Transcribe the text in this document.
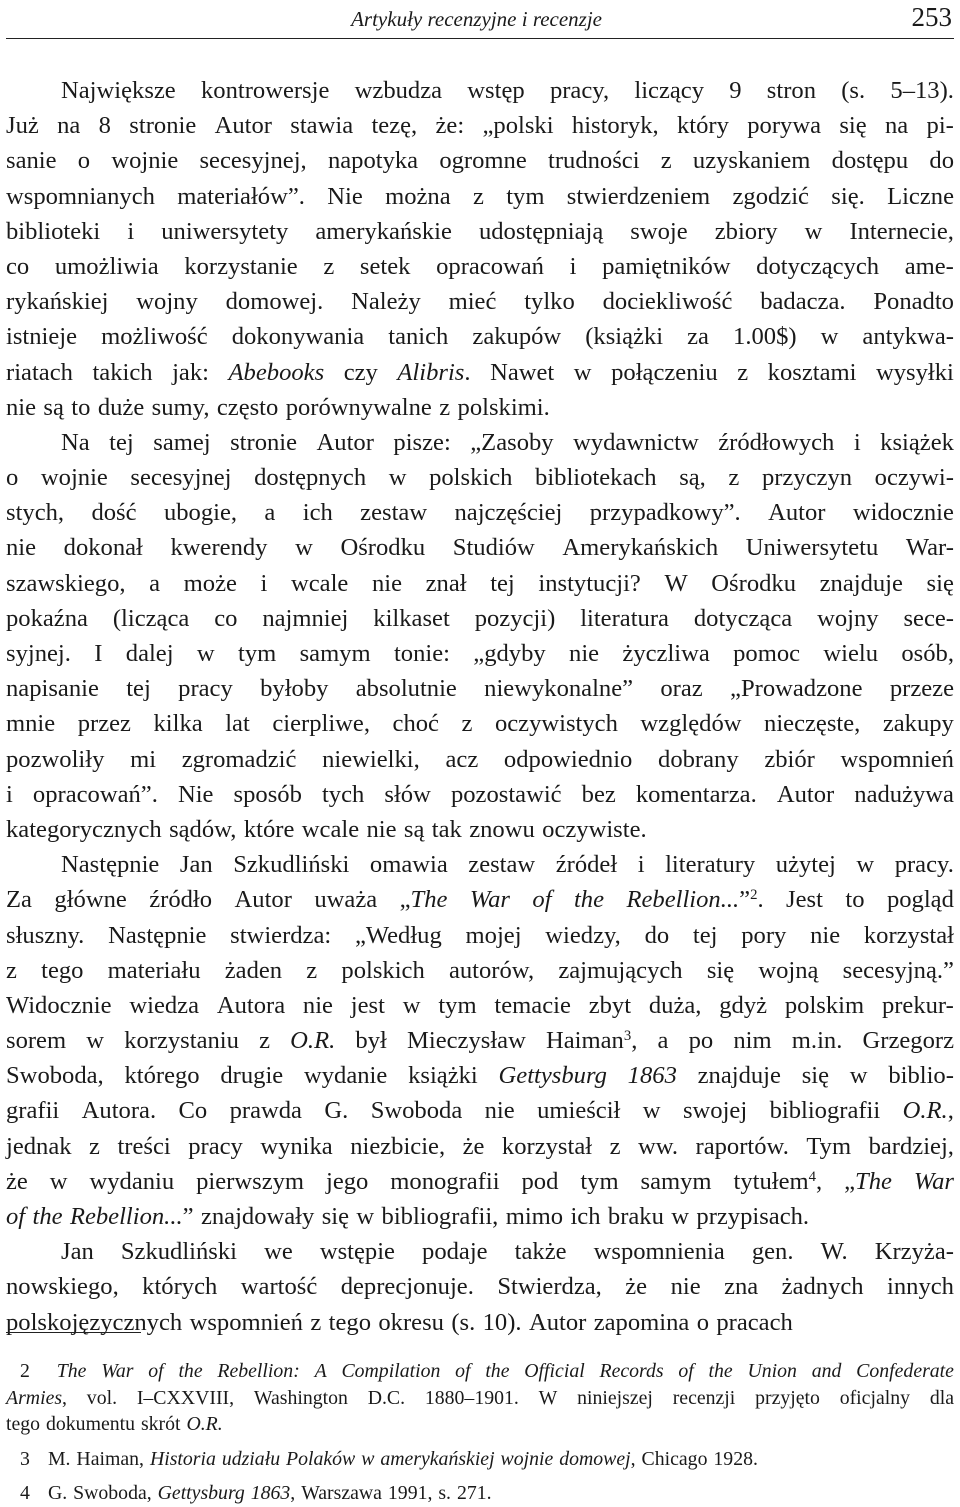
Artykuły recenzyjne i recenzje	253
Największe kontrowersje wzbudza wstęp pracy, liczący 9 stron (s. 5–13).
Już na 8 stronie Autor stawia tezę, że: „polski historyk, który porywa się na pi-
sanie o wojnie secesyjnej, napotyka ogromne trudności z uzyskaniem dostępu do
wspomnianych materiałów”. Nie można z tym stwierdzeniem zgodzić się. Liczne
biblioteki i uniwersytety amerykańskie udostępniają swoje zbiory w Internecie,
co umożliwia korzystanie z setek opracowań i pamiętników dotyczących ame-
rykańskiej wojny domowej. Należy mieć tylko dociekliwość badacza. Ponadto
istnieje możliwość dokonywania tanich zakupów (książki za 1.00$) w antykwa-
riatach takich jak: Abebooks czy Alibris. Nawet w połączeniu z kosztami wysyłki
nie są to duże sumy, często porównywalne z polskimi.
Na tej samej stronie Autor pisze: „Zasoby wydawnictw źródłowych i książek
o wojnie secesyjnej dostępnych w polskich bibliotekach są, z przyczyn oczywi-
stych, dość ubogie, a ich zestaw najczęściej przypadkowy”. Autor widocznie
nie dokonał kwerendy w Ośrodku Studiów Amerykańskich Uniwersytetu War-
szawskiego, a może i wcale nie znał tej instytucji? W Ośrodku znajduje się
pokaźna (licząca co najmniej kilkaset pozycji) literatura dotycząca wojny sece-
syjnej. I dalej w tym samym tonie: „gdyby nie życzliwa pomoc wielu osób,
napisanie tej pracy byłoby absolutnie niewykonalne” oraz „Prowadzone przeze
mnie przez kilka lat cierpliwe, choć z oczywistych względów nieczęste, zakupy
pozwoliły mi zgromadzić niewielki, acz odpowiednio dobrany zbiór wspomnień
i opracowań”. Nie sposób tych słów pozostawić bez komentarza. Autor nadużywa
kategorycznych sądów, które wcale nie są tak znowu oczywiste.
Następnie Jan Szkudliński omawia zestaw źródeł i literatury użytej w pracy.
Za główne źródło Autor uważa „The War of the Rebellion...”$^2$. Jest to pogląd
słuszny. Następnie stwierdza: „Według mojej wiedzy, do tej pory nie korzystał
z tego materiału żaden z polskich autorów, zajmujących się wojną secesyjną.”
Widocznie wiedza Autora nie jest w tym temacie zbyt duża, gdyż polskim prekur-
sorem w korzystaniu z O.R. był Mieczysław Haiman$^3$, a po nim m.in. Grzegorz
Swoboda, którego drugie wydanie książki Gettysburg 1863 znajduje się w biblio-
grafii Autora. Co prawda G. Swoboda nie umieścił w swojej bibliografii O.R.,
jednak z treści pracy wynika niezbicie, że korzystał z ww. raportów. Tym bardziej,
że w wydaniu pierwszym jego monografii pod tym samym tytułem$^4$, „The War
of the Rebellion...” znajdowały się w bibliografii, mimo ich braku w przypisach.
Jan Szkudliński we wstępie podaje także wspomnienia gen. W. Krzyża-
nowskiego, których wartość deprecjonuje. Stwierdza, że nie zna żadnych innych
polskojęzycznych wspomnień z tego okresu (s. 10). Autor zapomina o pracach
2	The War of the Rebellion: A Compilation of the Official Records of the Union and Confederate
Armies, vol. I–CXXVIII, Washington D.C. 1880–1901. W niniejszej recenzji przyjęto oficjalny dla
tego dokumentu skrót O.R.
3 M. Haiman, Historia udziału Polaków w amerykańskiej wojnie domowej, Chicago 1928.
4 G. Swoboda, Gettysburg 1863, Warszawa 1991, s. 271.
